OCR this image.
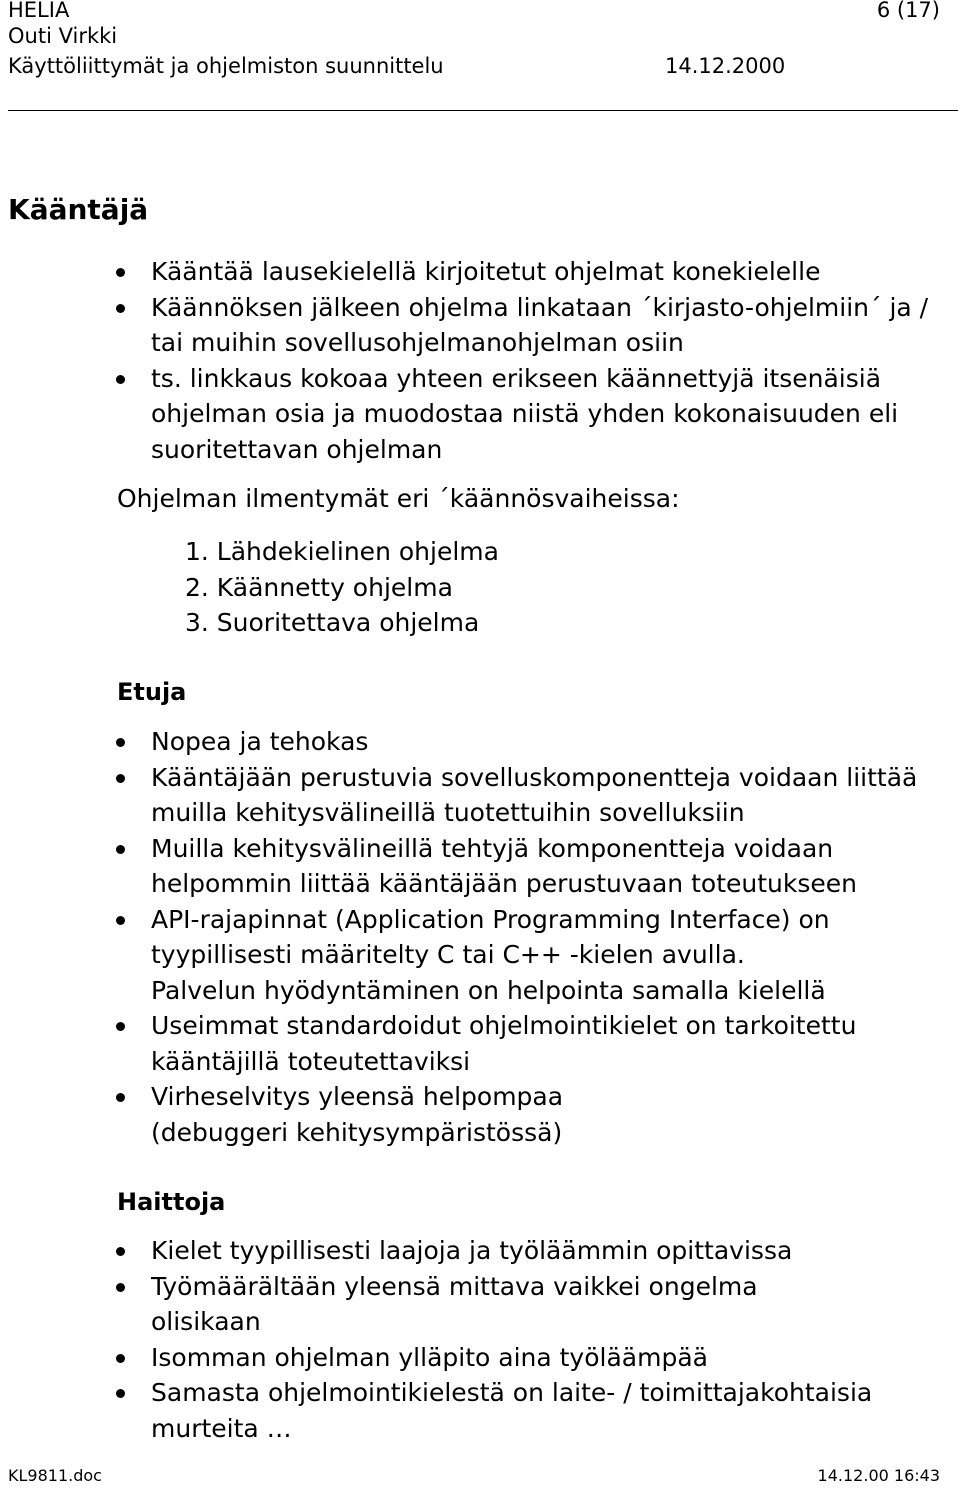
HELIA	6 (17)
Outi Virkki
Käyttöliittymät ja ohjelmiston suunnittelu	14.12.2000
Kääntäjä
Kääntää lausekielellä kirjoitetut ohjelmat konekielelle
Käännöksen jälkeen ohjelma linkataan ´kirjasto-ohjelmiin´ ja / tai muihin sovellusohjelmanohjelman osiin
ts. linkkaus kokoaa yhteen erikseen käännettyjä itsenäisiä ohjelman osia ja muodostaa niistä yhden kokonaisuuden eli suoritettavan ohjelman
Ohjelman ilmentymät eri ´käännösvaiheissa:
1. Lähdekielinen ohjelma
2. Käännetty ohjelma
3. Suoritettava ohjelma
Etuja
Nopea ja tehokas
Kääntäjään perustuvia sovelluskomponentteja voidaan liittää muilla kehitysvälineillä tuotettuihin sovelluksiin
Muilla kehitysvälineillä tehtyjä komponentteja voidaan helpommin liittää kääntäjään perustuvaan toteutukseen
API-rajapinnat (Application Programming Interface) on tyypillisesti määritelty C tai C++ -kielen avulla.
Palvelun hyödyntäminen on helpointa samalla kielellä
Useimmat standardoidut ohjelmointikielet on tarkoitettu kääntäjillä toteutettaviksi
Virheselvitys yleensä helpompaa (debuggeri kehitysympäristössä)
Haittoja
Kielet tyypillisesti laajoja ja työläämmin opittavissa
Työmäärältään yleensä mittava vaikkei ongelma olisikaan
Isomman ohjelman ylläpito aina työläämpää
Samasta ohjelmointikielestä on laite- / toimittajakohtaisia murteita …
KL9811.doc	14.12.00 16:43
